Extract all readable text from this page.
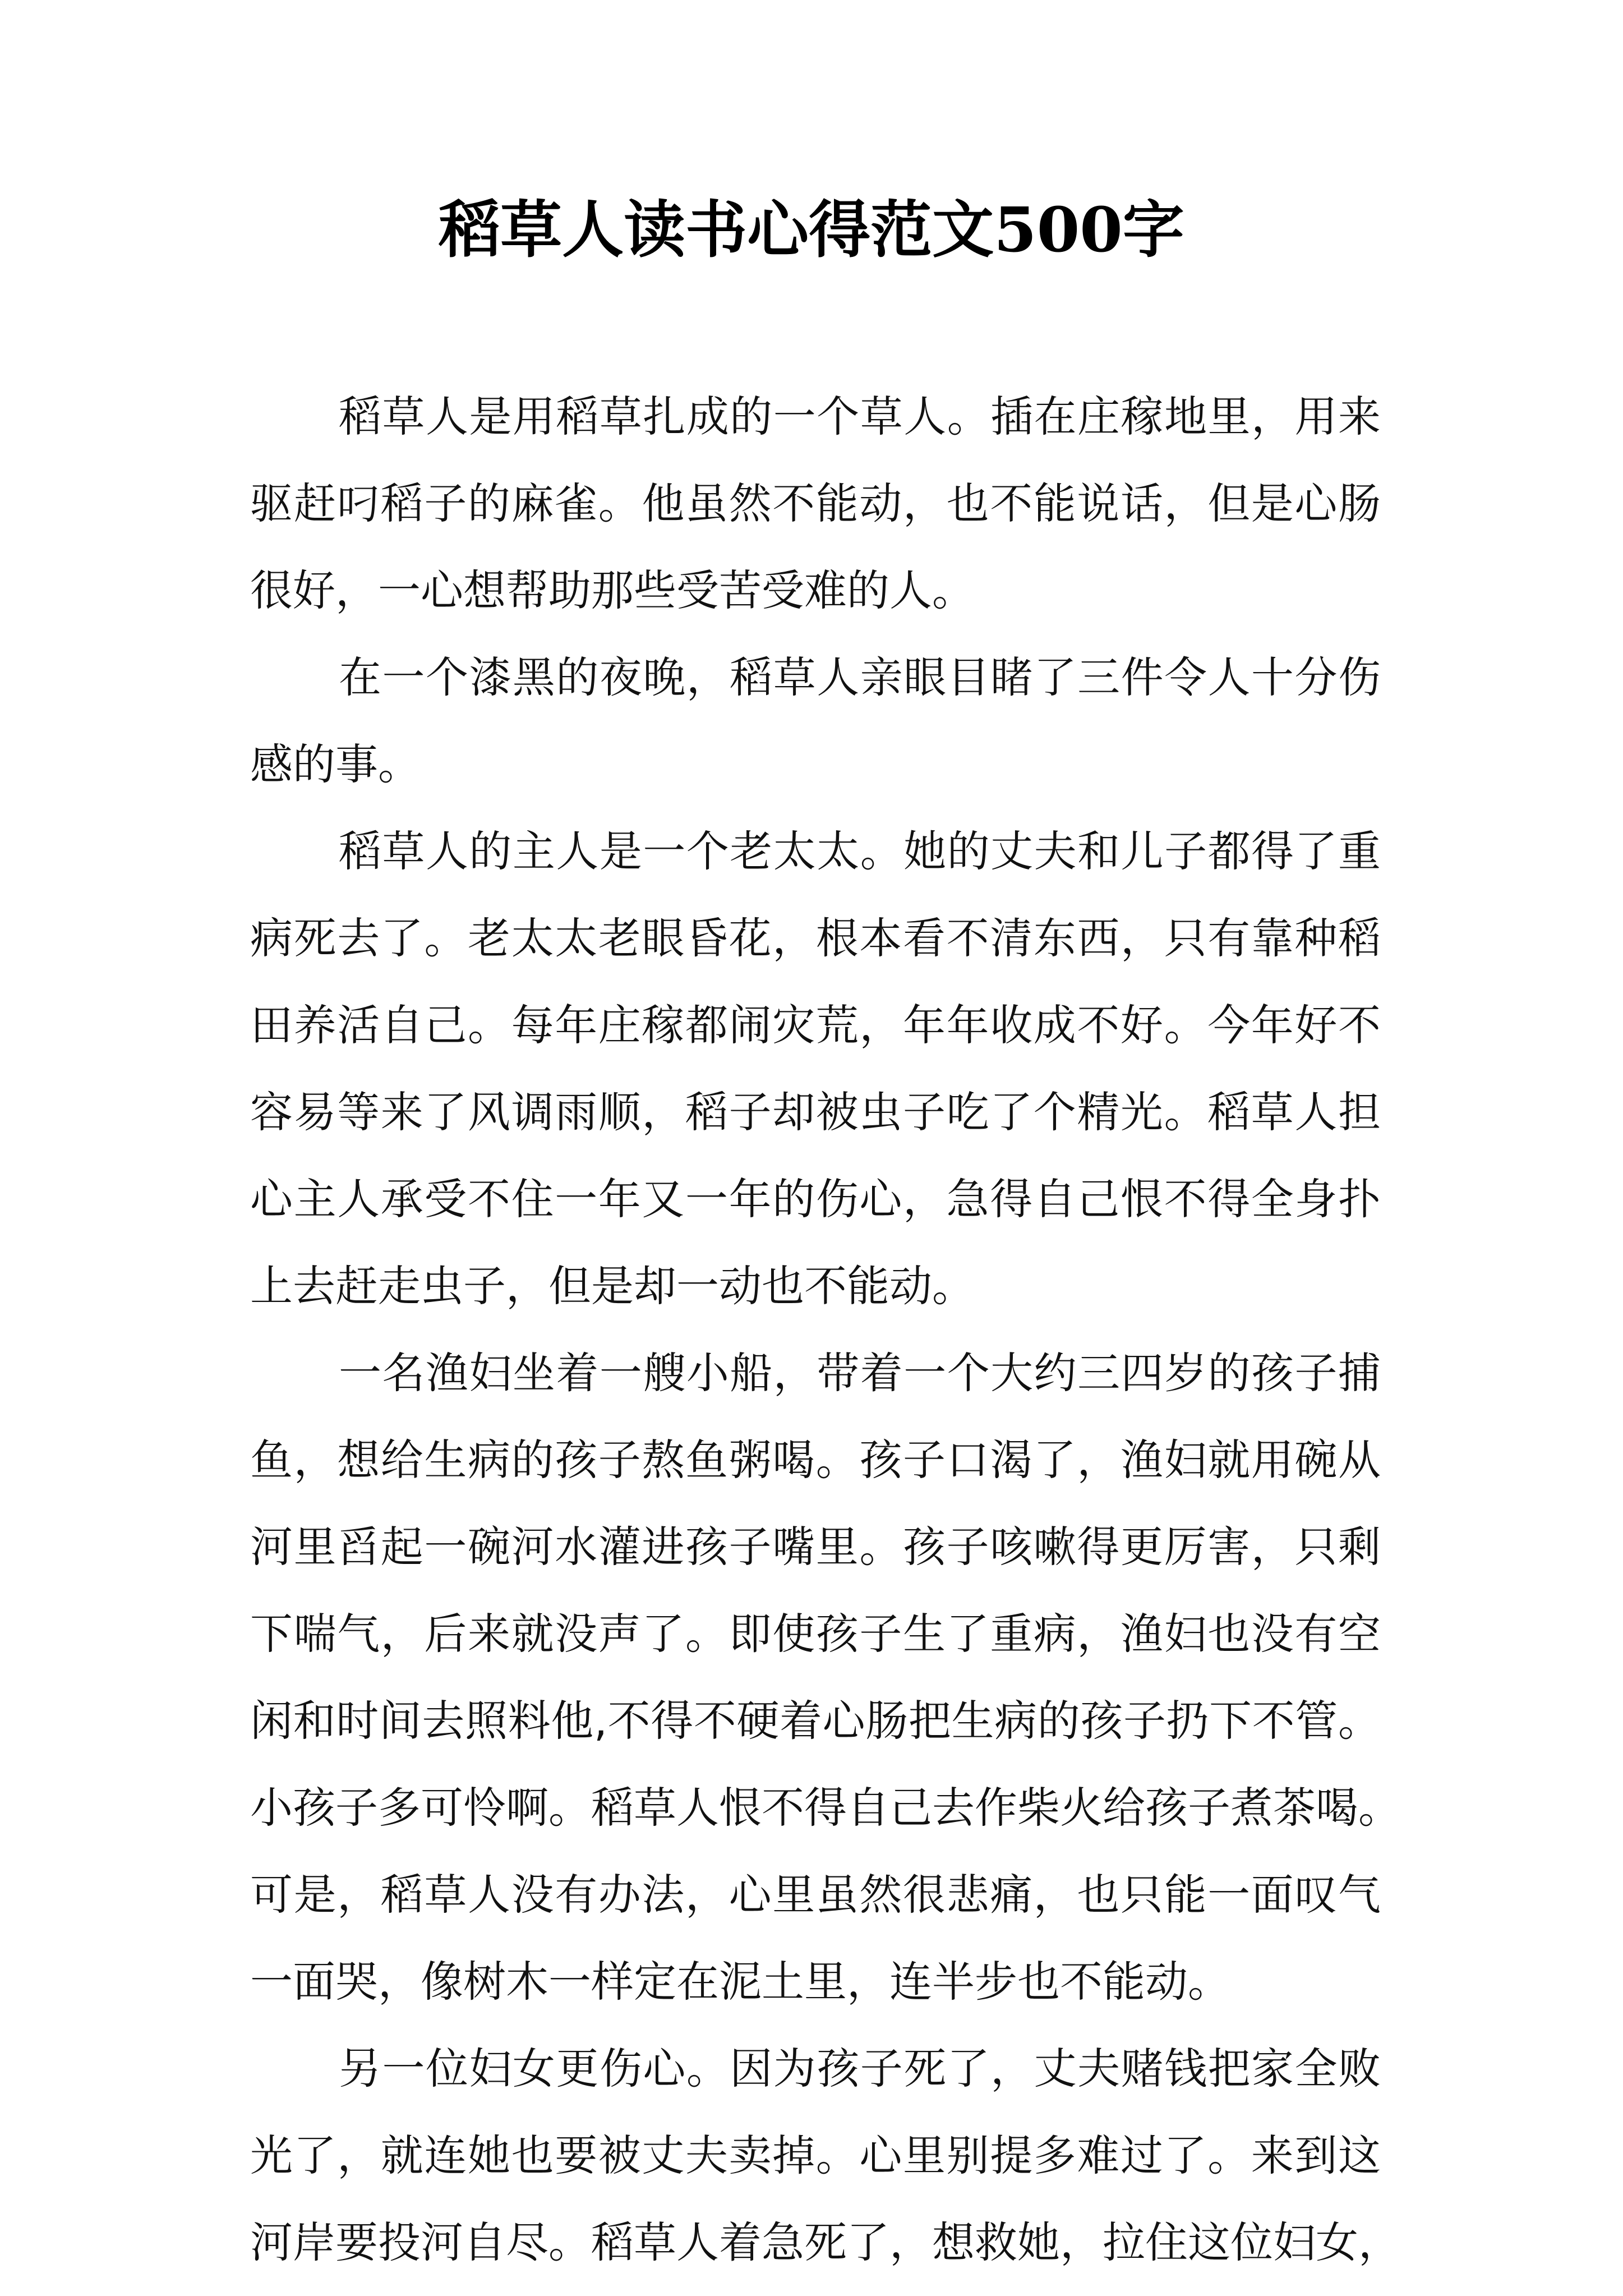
稻草人读书心得范文500字
稻草人是用稻草扎成的一个草人。插在庄稼地里，用来
驱赶叼稻子的麻雀。他虽然不能动，也不能说话，但是心肠
很好，一心想帮助那些受苦受难的人。
在一个漆黑的夜晚，稻草人亲眼目睹了三件令人十分伤
感的事。
稻草人的主人是一个老太太。她的丈夫和儿子都得了重
病死去了。老太太老眼昏花，根本看不清东西，只有靠种稻
田养活自己。每年庄稼都闹灾荒，年年收成不好。今年好不
容易等来了风调雨顺，稻子却被虫子吃了个精光。稻草人担
心主人承受不住一年又一年的伤心，急得自己恨不得全身扑
上去赶走虫子，但是却一动也不能动。
一名渔妇坐着一艘小船，带着一个大约三四岁的孩子捕
鱼，想给生病的孩子熬鱼粥喝。孩子口渴了，渔妇就用碗从
河里舀起一碗河水灌进孩子嘴里。孩子咳嗽得更厉害，只剩
下喘气，后来就没声了。即使孩子生了重病，渔妇也没有空
闲和时间去照料他,不得不硬着心肠把生病的孩子扔下不管。
小孩子多可怜啊。稻草人恨不得自己去作柴火给孩子煮茶喝。
可是，稻草人没有办法，心里虽然很悲痛，也只能一面叹气
一面哭，像树木一样定在泥土里，连半步也不能动。
另一位妇女更伤心。因为孩子死了，丈夫赌钱把家全败
光了，就连她也要被丈夫卖掉。心里别提多难过了。来到这
河岸要投河自尽。稻草人着急死了，想救她，拉住这位妇女，
